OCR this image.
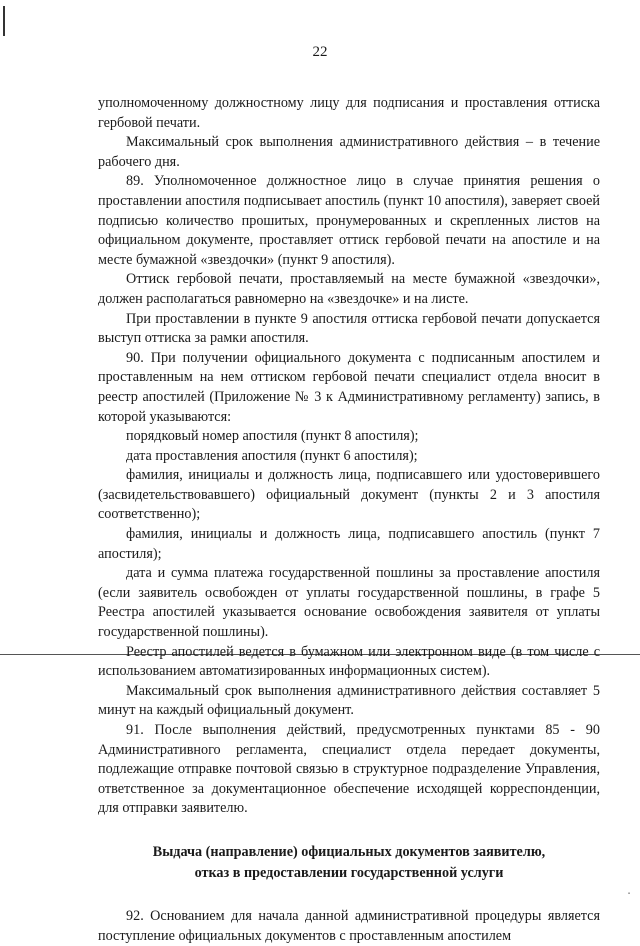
22

уполномоченному должностному лицу для подписания и проставления оттиска гербовой печати.

Максимальный срок выполнения административного действия – в течение рабочего дня.

89. Уполномоченное должностное лицо в случае принятия решения о проставлении апостиля подписывает апостиль (пункт 10 апостиля), заверяет своей подписью количество прошитых, пронумерованных и скрепленных листов на официальном документе, проставляет оттиск гербовой печати на апостиле и на месте бумажной «звездочки» (пункт 9 апостиля).

Оттиск гербовой печати, проставляемый на месте бумажной «звездочки», должен располагаться равномерно на «звездочке» и на листе.

При проставлении в пункте 9 апостиля оттиска гербовой печати допускается выступ оттиска за рамки апостиля.

90. При получении официального документа с подписанным апостилем и проставленным на нем оттиском гербовой печати специалист отдела вносит в реестр апостилей (Приложение № 3 к Административному регламенту) запись, в которой указываются:

порядковый номер апостиля (пункт 8 апостиля);

дата проставления апостиля (пункт 6 апостиля);

фамилия, инициалы и должность лица, подписавшего или удостоверившего (засвидетельствовавшего) официальный документ (пункты 2 и 3 апостиля соответственно);

фамилия, инициалы и должность лица, подписавшего апостиль (пункт 7 апостиля);

дата и сумма платежа государственной пошлины за проставление апостиля (если заявитель освобожден от уплаты государственной пошлины, в графе 5 Реестра апостилей указывается основание освобождения заявителя от уплаты государственной пошлины).

Реестр апостилей ведется в бумажном или электронном виде (в том числе с использованием автоматизированных информационных систем).

Максимальный срок выполнения административного действия составляет 5 минут на каждый официальный документ.

91. После выполнения действий, предусмотренных пунктами 85 - 90 Административного регламента, специалист отдела передает документы, подлежащие отправке почтовой связью в структурное подразделение Управления, ответственное за документационное обеспечение исходящей корреспонденции, для отправки заявителю.

Выдача (направление) официальных документов заявителю,
отказ в предоставлении государственной услуги

92. Основанием для начала данной административной процедуры является поступление официальных документов с проставленным апостилем

▪
